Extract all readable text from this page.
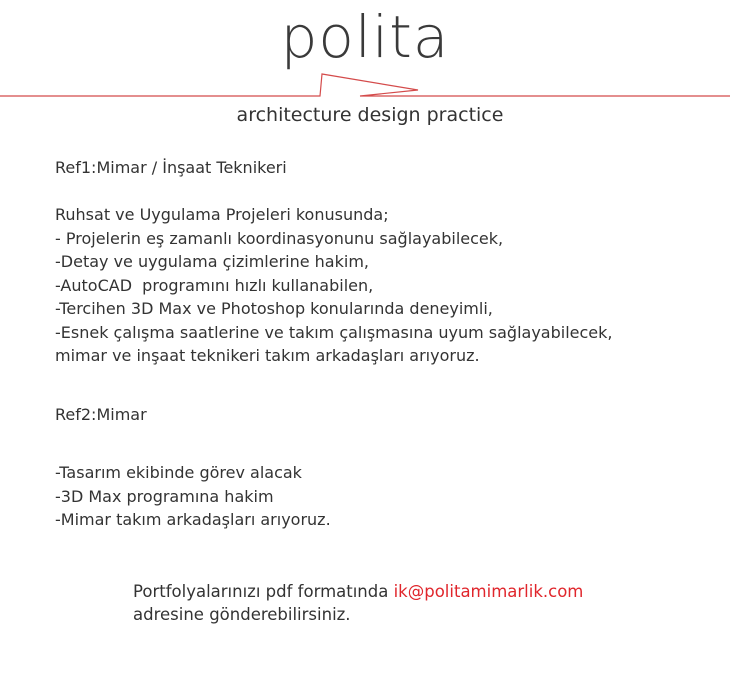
polita
architecture design practice

Ref1:Mimar / İnşaat Teknikeri

Ruhsat ve Uygulama Projeleri konusunda;

- Projelerin eş zamanlı koordinasyonunu sağlayabilecek,

-Detay ve uygulama çizimlerine hakim,

-AutoCAD  programını hızlı kullanabilen,

-Tercihen 3D Max ve Photoshop konularında deneyimli,

-Esnek çalışma saatlerine ve takım çalışmasına uyum sağlayabilecek,

mimar ve inşaat teknikeri takım arkadaşları arıyoruz.

Ref2:Mimar

-Tasarım ekibinde görev alacak

-3D Max programına hakim

-Mimar takım arkadaşları arıyoruz.

Portfolyalarınızı pdf formatında ik@politamimarlik.com

adresine gönderebilirsiniz.
